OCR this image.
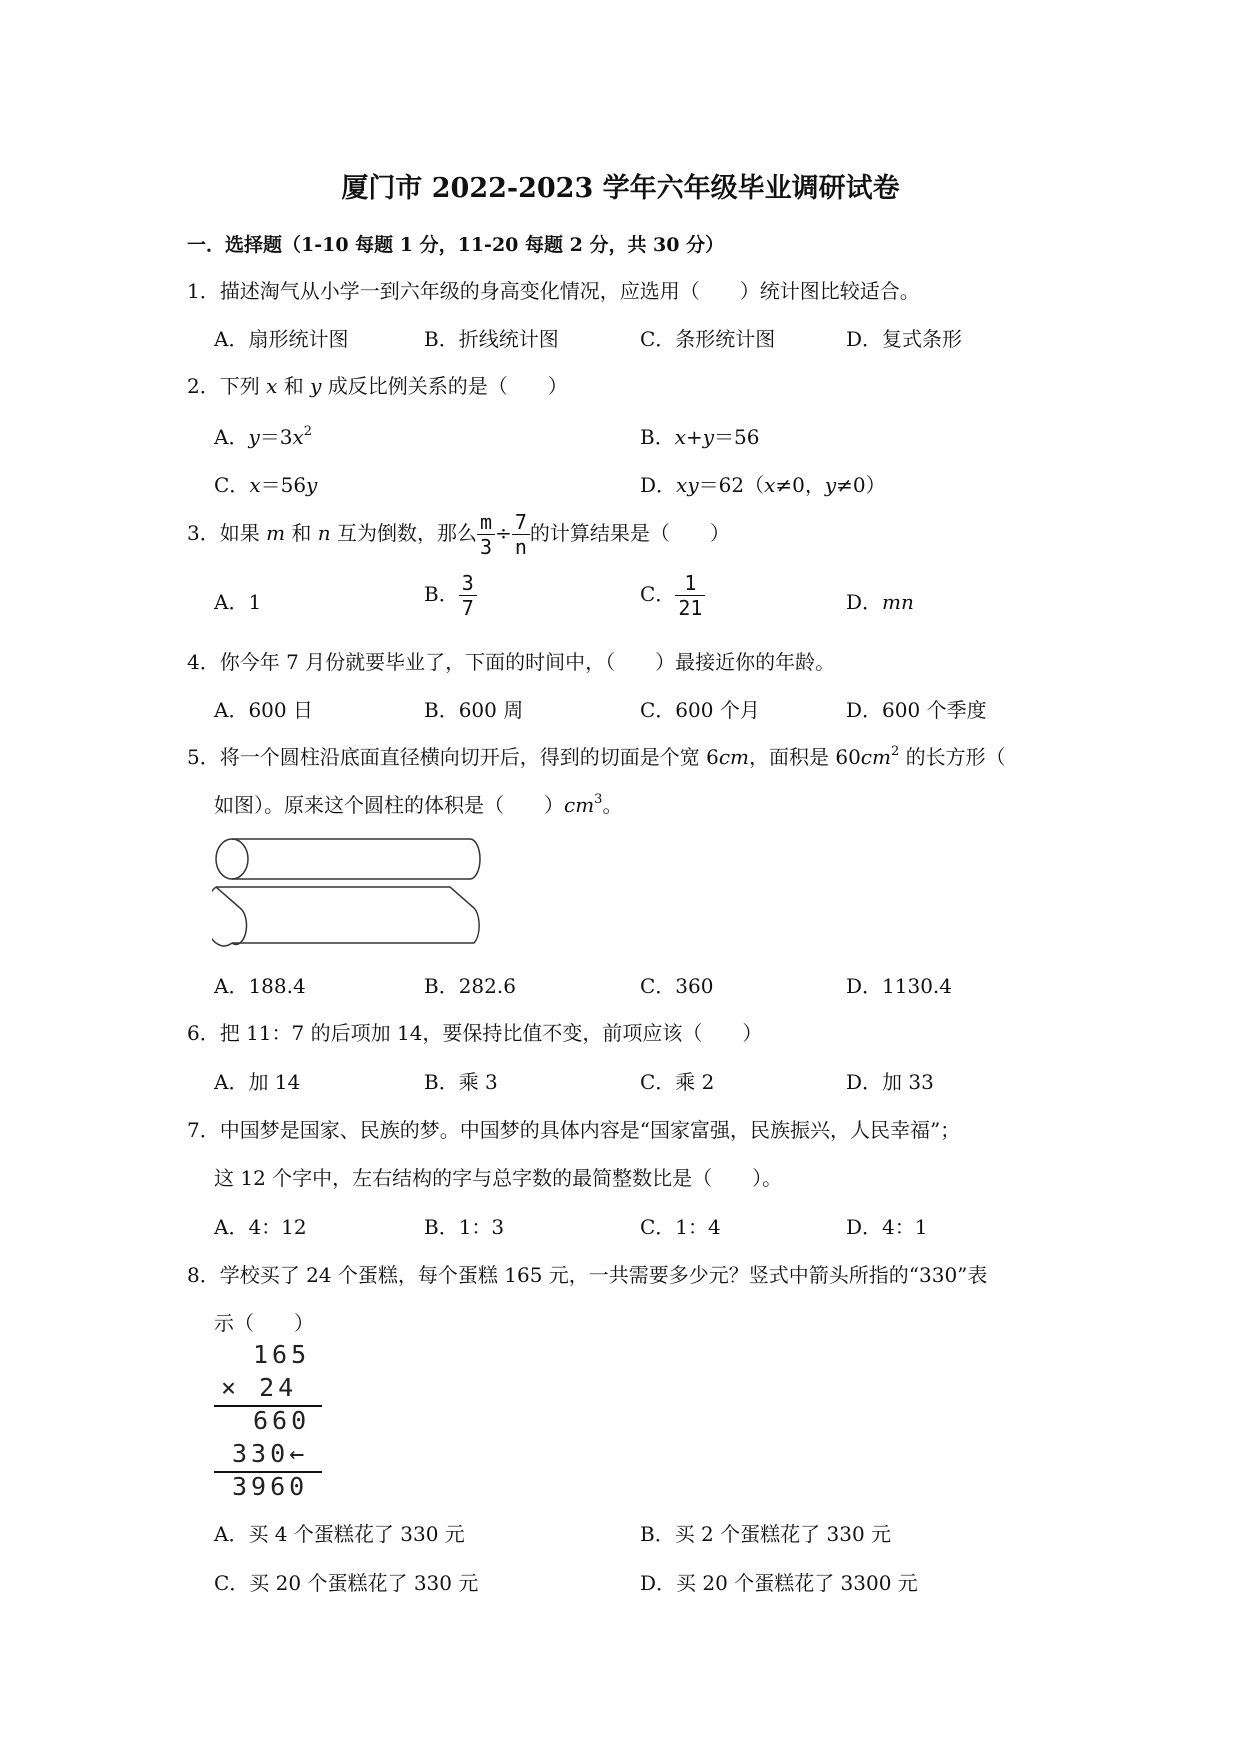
厦门市 2022-2023 学年六年级毕业调研试卷
一．选择题（1-10 每题 1 分，11-20 每题 2 分，共 30 分）
1．描述淘气从小学一到六年级的身高变化情况，应选用（　　）统计图比较适合。
A．扇形统计图	B．折线统计图	C．条形统计图	D．复式条形
2．下列 x 和 y 成反比例关系的是（　　）
A．$y=3x^2$	B．x+y＝56
C．x＝56y	D．xy＝62（x≠0，y≠0）
3．如果 m 和 n 互为倒数，那么 $\frac{m}{3} \div \frac{7}{n}$ 的计算结果是（　　）
A．1	B． $\frac{3}{7}$	C． $\frac{1}{21}$	D．mn
4．你今年 7 月份就要毕业了，下面的时间中，（　　）最接近你的年龄。
A．600 日	B．600 周	C．600 个月	D．600 个季度
5．将一个圆柱沿底面直径横向切开后，得到的切面是个宽 6cm，面积是 $60cm^2$ 的长方形（
如图）。原来这个圆柱的体积是（　　）$cm^3$。
A．188.4	B．282.6	C．360	D．1130.4
6．把 11：7 的后项加 14，要保持比值不变，前项应该（　　）
A．加 14	B．乘 3	C．乘 2	D．加 33
7．中国梦是国家、民族的梦。中国梦的具体内容是“国家富强，民族振兴，人民幸福”；
这 12 个字中，左右结构的字与总字数的最简整数比是（　　）。
A．4：12	B．1：3	C．1：4	D．4：1
8．学校买了 24 个蛋糕，每个蛋糕 165 元，一共需要多少元？竖式中箭头所指的“330”表
示（　　）
165
× 24
660
330←
3960
A．买 4 个蛋糕花了 330 元	B．买 2 个蛋糕花了 330 元
C．买 20 个蛋糕花了 330 元	D．买 20 个蛋糕花了 3300 元
